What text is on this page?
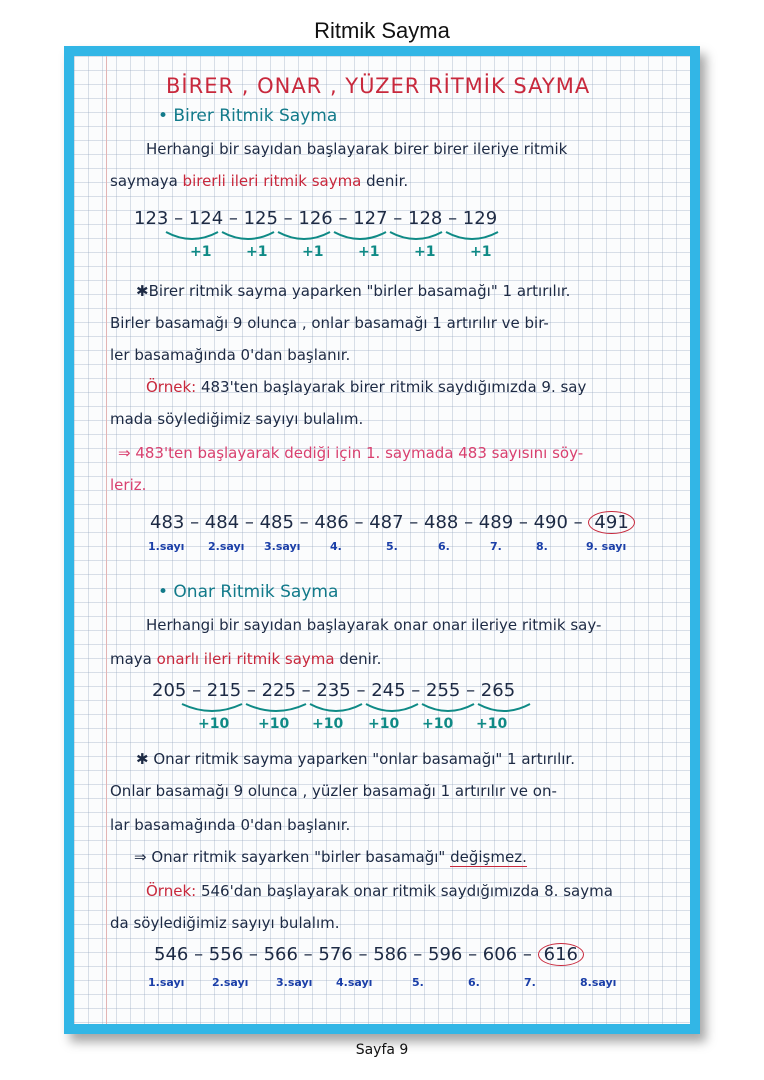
Ritmik Sayma
BİRER , ONAR , YÜZER RİTMİK SAYMA
• Birer Ritmik Sayma
Herhangi bir sayıdan başlayarak birer birer ileriye ritmik
saymaya birerli ileri ritmik sayma denir.
123 – 124 – 125 – 126 – 127 – 128 – 129
+1 +1 +1 +1 +1 +1
✱Birer ritmik sayma yaparken "birler basamağı" 1 artırılır.
Birler basamağı 9 olunca , onlar basamağı 1 artırılır ve bir-
ler basamağında 0'dan başlanır.
Örnek: 483'ten başlayarak birer ritmik saydığımızda 9. say
mada söylediğimiz sayıyı bulalım.
⇒ 483'ten başlayarak dediği için 1. saymada 483 sayısını söy-
leriz.
483 – 484 – 485 – 486 – 487 – 488 – 489 – 490 – 491
1.sayı 2.sayı 3.sayı	4.	5.	6.	7.	8.	9. sayı
• Onar Ritmik Sayma
Herhangi bir sayıdan başlayarak onar onar ileriye ritmik say-
maya onarlı ileri ritmik sayma denir.
205 – 215 – 225 – 235 – 245 – 255 – 265
+10 +10 +10 +10 +10 +10
✱ Onar ritmik sayma yaparken "onlar basamağı" 1 artırılır.
Onlar basamağı 9 olunca , yüzler basamağı 1 artırılır ve on-
lar basamağında 0'dan başlanır.
⇒ Onar ritmik sayarken "birler basamağı" değişmez.
Örnek: 546'dan başlayarak onar ritmik saydığımızda 8. sayma
da söylediğimiz sayıyı bulalım.
546 – 556 – 566 – 576 – 586 – 596 – 606 – 616
1.sayı	2.sayı	3.sayı 4.sayı	5.	6.	7.	8.sayı
Sayfa 9
